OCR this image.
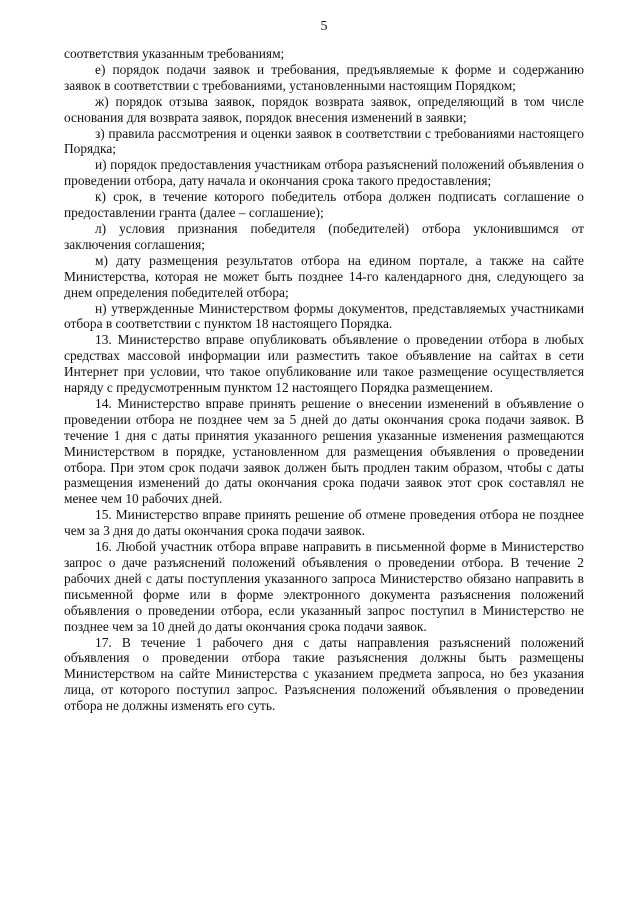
5

соответствия указанным требованиям;

е) порядок подачи заявок и требования, предъявляемые к форме и содержанию заявок в соответствии с требованиями, установленными настоящим Порядком;

ж) порядок отзыва заявок, порядок возврата заявок, определяющий в том числе основания для возврата заявок, порядок внесения изменений в заявки;

з) правила рассмотрения и оценки заявок в соответствии с требованиями настоящего Порядка;

и) порядок предоставления участникам отбора разъяснений положений объявления о проведении отбора, дату начала и окончания срока такого предоставления;

к) срок, в течение которого победитель отбора должен подписать соглашение о предоставлении гранта (далее – соглашение);

л) условия признания победителя (победителей) отбора уклонившимся от заключения соглашения;

м) дату размещения результатов отбора на едином портале, а также на сайте Министерства, которая не может быть позднее 14-го календарного дня, следующего за днем определения победителей отбора;

н) утвержденные Министерством формы документов, представляемых участниками отбора в соответствии с пунктом 18 настоящего Порядка.

13. Министерство вправе опубликовать объявление о проведении отбора в любых средствах массовой информации или разместить такое объявление на сайтах в сети Интернет при условии, что такое опубликование или такое размещение осуществляется наряду с предусмотренным пунктом 12 настоящего Порядка размещением.

14. Министерство вправе принять решение о внесении изменений в объявление о проведении отбора не позднее чем за 5 дней до даты окончания срока подачи заявок. В течение 1 дня с даты принятия указанного решения указанные изменения размещаются Министерством в порядке, установленном для размещения объявления о проведении отбора. При этом срок подачи заявок должен быть продлен таким образом, чтобы с даты размещения изменений до даты окончания срока подачи заявок этот срок составлял не менее чем 10 рабочих дней.

15. Министерство вправе принять решение об отмене проведения отбора не позднее чем за 3 дня до даты окончания срока подачи заявок.

16. Любой участник отбора вправе направить в письменной форме в Министерство запрос о даче разъяснений положений объявления о проведении отбора. В течение 2 рабочих дней с даты поступления указанного запроса Министерство обязано направить в письменной форме или в форме электронного документа разъяснения положений объявления о проведении отбора, если указанный запрос поступил в Министерство не позднее чем за 10 дней до даты окончания срока подачи заявок.

17. В течение 1 рабочего дня с даты направления разъяснений положений объявления о проведении отбора такие разъяснения должны быть размещены Министерством на сайте Министерства с указанием предмета запроса, но без указания лица, от которого поступил запрос. Разъяснения положений объявления о проведении отбора не должны изменять его суть.
